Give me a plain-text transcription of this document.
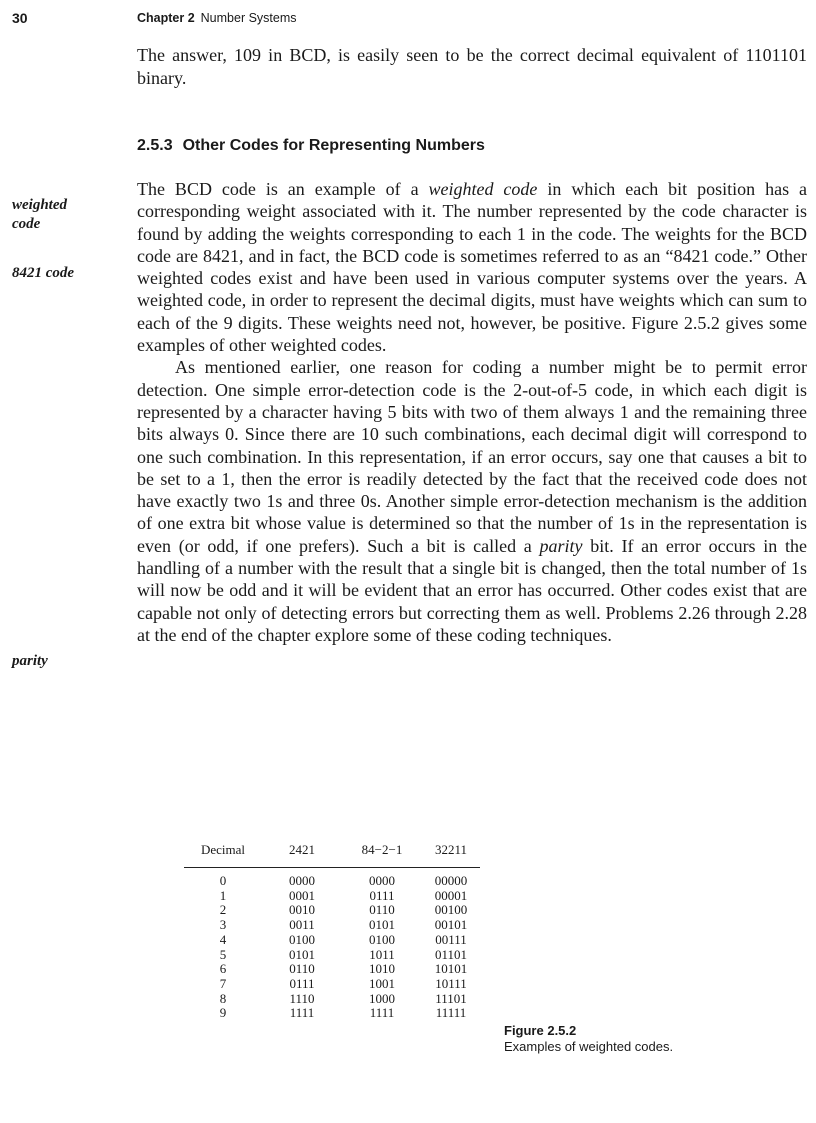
30	Chapter 2 Number Systems
The answer, 109 in BCD, is easily seen to be the correct decimal equivalent of 1101101 binary.
2.5.3 Other Codes for Representing Numbers
weighted code
8421 code
parity

The BCD code is an example of a weighted code in which each bit position has a corresponding weight associated with it. The number represented by the code character is found by adding the weights corresponding to each 1 in the code. The weights for the BCD code are 8421, and in fact, the BCD code is sometimes referred to as an “8421 code.” Other weighted codes exist and have been used in various computer systems over the years. A weighted code, in order to represent the decimal digits, must have weights which can sum to each of the 9 digits. These weights need not, however, be positive. Figure 2.5.2 gives some examples of other weighted codes.

As mentioned earlier, one reason for coding a number might be to permit error detection. One simple error-detection code is the 2-out-of-5 code, in which each digit is represented by a character having 5 bits with two of them always 1 and the remaining three bits always 0. Since there are 10 such combinations, each decimal digit will correspond to one such combination. In this representation, if an error occurs, say one that causes a bit to be set to a 1, then the error is readily detected by the fact that the received code does not have exactly two 1s and three 0s. Another simple error-detection mechanism is the addition of one extra bit whose value is determined so that the number of 1s in the representation is even (or odd, if one prefers). Such a bit is called a parity bit. If an error occurs in the handling of a number with the result that a single bit is changed, then the total number of 1s will now be odd and it will be evident that an error has occurred. Other codes exist that are capable not only of detecting errors but correcting them as well. Problems 2.26 through 2.28 at the end of the chapter explore some of these coding techniques.

Decimal	2421	84−2−1	32211
0	0000	0000	00000
1	0001	0111	00001
2	0010	0110	00100
3	0011	0101	00101
4	0100	0100	00111
5	0101	1011	01101
6	0110	1010	10101
7	0111	1001	10111
8	1110	1000	11101
9	1111	1111	11111
Figure 2.5.2
Examples of weighted codes.
